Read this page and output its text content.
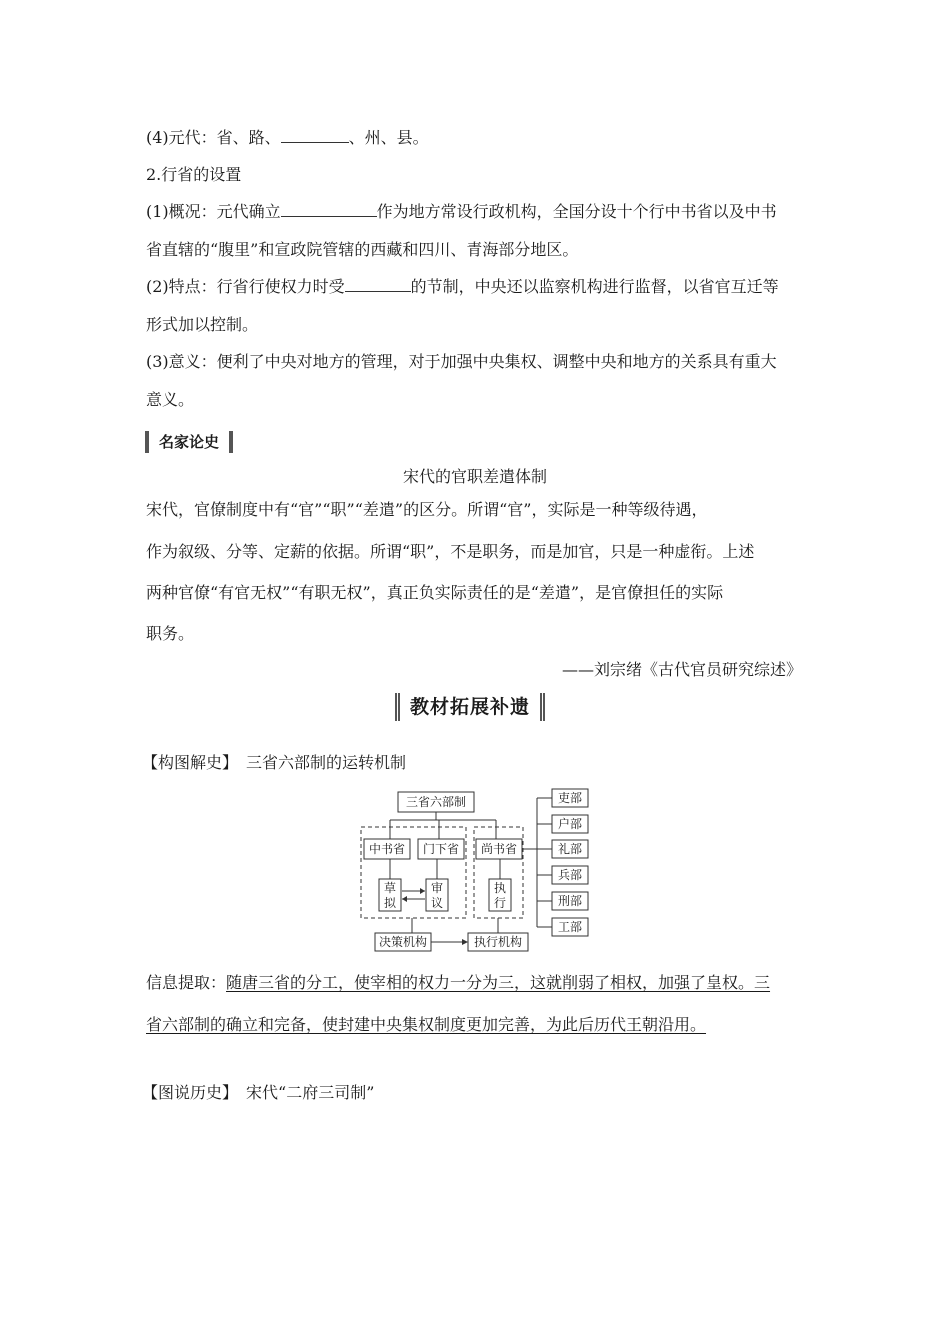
(4)元代：省、路、	、州、县。
2.行省的设置
(1)概况：元代确立	作为地方常设行政机构，全国分设十个行中书省以及中书
省直辖的“腹里”和宣政院管辖的西藏和四川、青海部分地区。
(2)特点：行省行使权力时受	的节制，中央还以监察机构进行监督，以省官互迁等
形式加以控制。
(3)意义：便利了中央对地方的管理，对于加强中央集权、调整中央和地方的关系具有重大
意义。
名家论史
宋代的官职差遣体制
宋代，官僚制度中有“官”“职”“差遣”的区分。所谓“官”，实际是一种等级待遇，
作为叙级、分等、定薪的依据。所谓“职”，不是职务，而是加官，只是一种虚衔。上述
两种官僚“有官无权”“有职无权”，真正负实际责任的是“差遣”，是官僚担任的实际
职务。
——刘宗绪《古代官员研究综述》
教材拓展补遗
【构图解史】 三省六部制的运转机制
三省六部制
中书省 门下省 尚书省
草
拟
审
议
执
行
决策机构	执行机构
吏部
户部
礼部
兵部
刑部
工部
信息提取：随唐三省的分工，使宰相的权力一分为三，这就削弱了相权，加强了皇权。三
省六部制的确立和完备，使封建中央集权制度更加完善，为此后历代王朝沿用。
【图说历史】 宋代“二府三司制”
